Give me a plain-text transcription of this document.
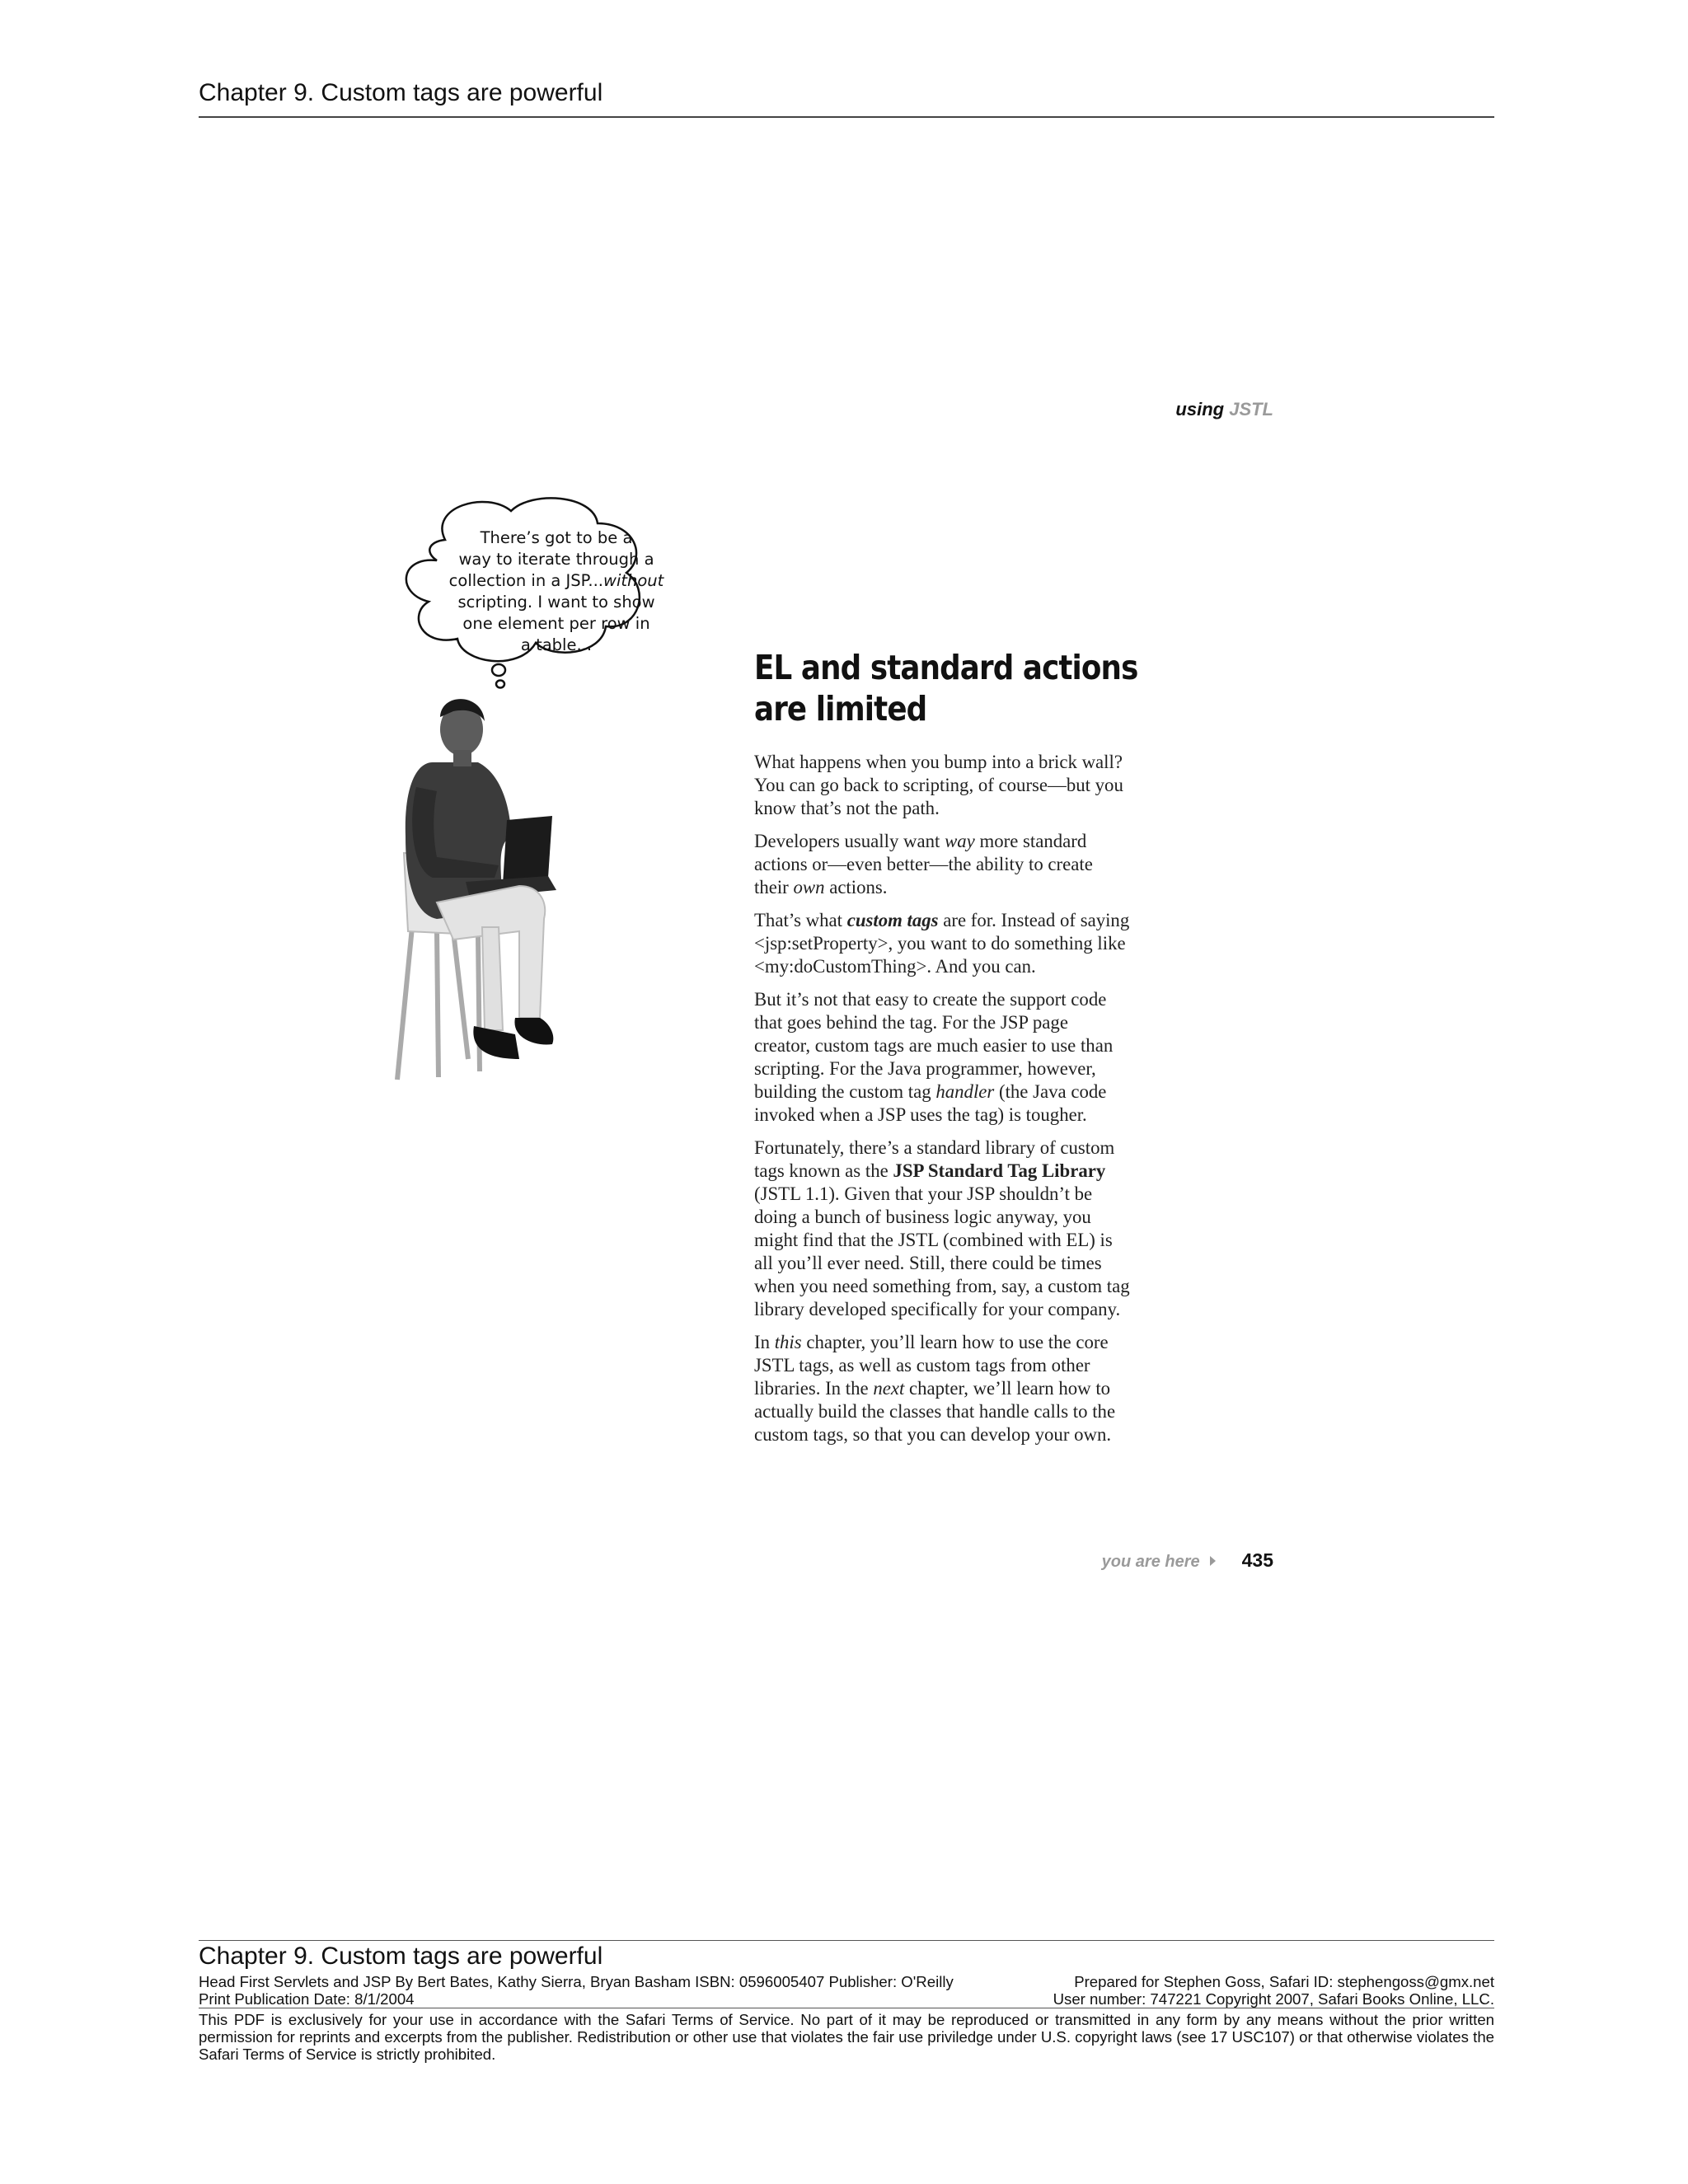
Chapter 9. Custom tags are powerful
using JSTL
There’s got to be a
way to iterate through a
collection in a JSP...without
scripting. I want to show
one element per row in
a table...
EL and standard actions
are limited

What happens when you bump into a brick wall?
You can go back to scripting, of course—but you
know that’s not the path.

Developers usually want way more standard
actions or—even better—the ability to create
their own actions.

That’s what custom tags are for. Instead of saying
<jsp:setProperty>, you want to do something like
<my:doCustomThing>. And you can.

But it’s not that easy to create the support code
that goes behind the tag. For the JSP page
creator, custom tags are much easier to use than
scripting. For the Java programmer, however,
building the custom tag handler (the Java code
invoked when a JSP uses the tag) is tougher.

Fortunately, there’s a standard library of custom
tags known as the JSP Standard Tag Library
(JSTL 1.1). Given that your JSP shouldn’t be
doing a bunch of business logic anyway, you
might find that the JSTL (combined with EL) is
all you’ll ever need. Still, there could be times
when you need something from, say, a custom tag
library developed specifically for your company.

In this chapter, you’ll learn how to use the core
JSTL tags, as well as custom tags from other
libraries. In the next chapter, we’ll learn how to
actually build the classes that handle calls to the
custom tags, so that you can develop your own.

you are here 435
Chapter 9. Custom tags are powerful
Head First Servlets and JSP By Bert Bates, Kathy Sierra, Bryan Basham ISBN: 0596005407 Publisher: O'Reilly	Prepared for Stephen Goss, Safari ID: stephengoss@gmx.net
Print Publication Date: 8/1/2004	User number: 747221 Copyright 2007, Safari Books Online, LLC.
This PDF is exclusively for your use in accordance with the Safari Terms of Service. No part of it may be reproduced or transmitted in any form by any means without the prior written permission for reprints and excerpts from the publisher. Redistribution or other use that violates the fair use priviledge under U.S. copyright laws (see 17 USC107) or that otherwise violates the Safari Terms of Service is strictly prohibited.
